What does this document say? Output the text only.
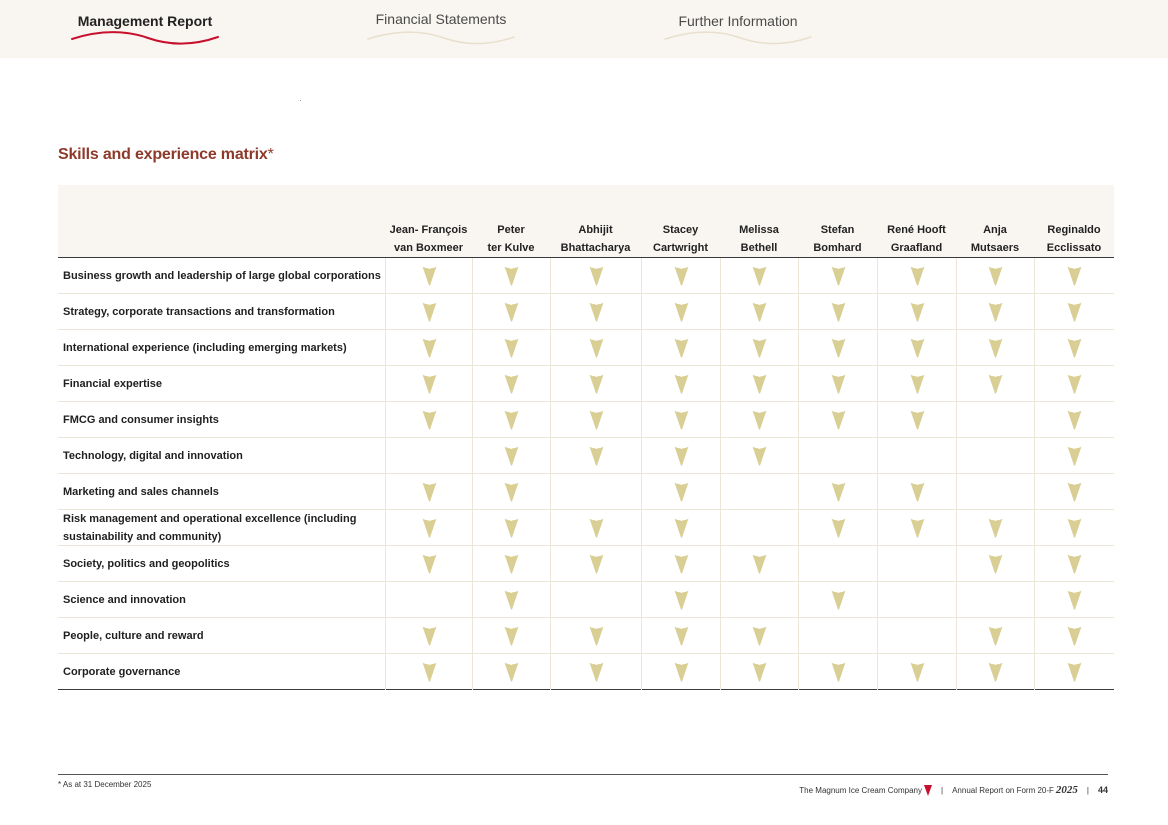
Management Report	Financial Statements	Further Information
Skills and experience matrix*
Jean- François
van Boxmeer
Peter
ter Kulve
Abhijit
Bhattacharya
Stacey
Cartwright
Melissa
Bethell
Stefan
Bomhard
René Hooft
Graafland
Anja
Mutsaers
Reginaldo
Ecclissato
Business growth and leadership of large global corporations
Strategy, corporate transactions and transformation
International experience (including emerging markets)
Financial expertise
FMCG and consumer insights
Technology, digital and innovation
Marketing and sales channels
Risk management and operational excellence (including sustainability and community)
Society, politics and geopolitics
Science and innovation
People, culture and reward
Corporate governance
* As at 31 December 2025
The Magnum Ice Cream Company | Annual Report on Form 20-F 2025 | 44
